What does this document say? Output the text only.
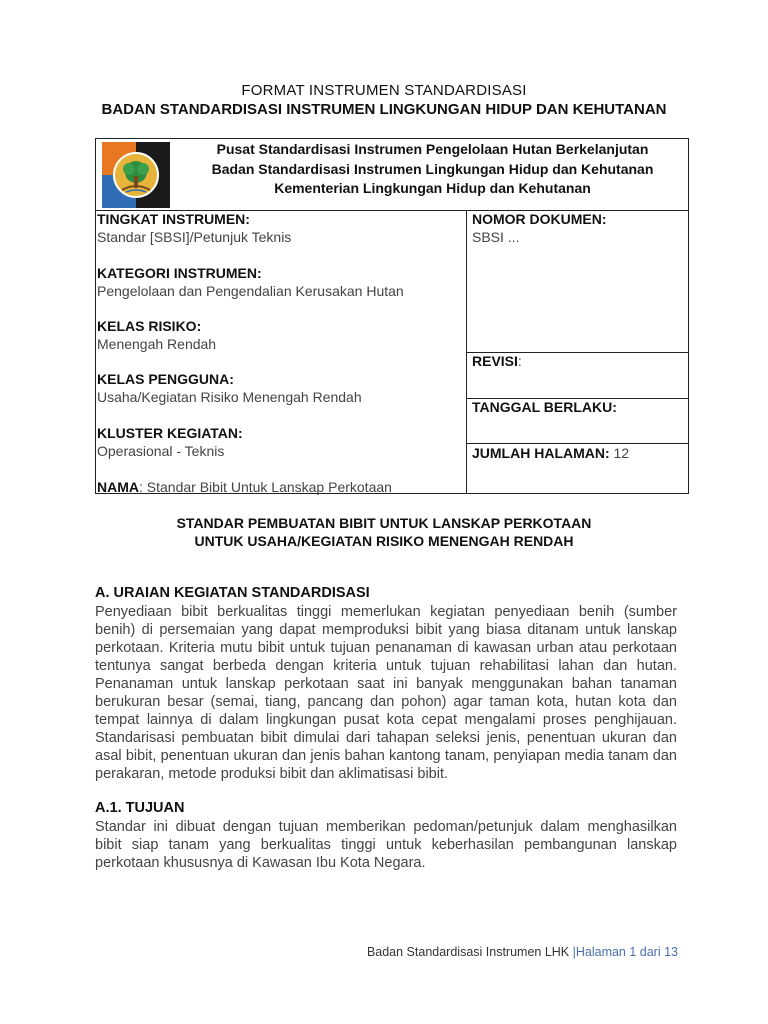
FORMAT INSTRUMEN STANDARDISASI
BADAN STANDARDISASI INSTRUMEN LINGKUNGAN HIDUP DAN KEHUTANAN
Pusat Standardisasi Instrumen Pengelolaan Hutan Berkelanjutan
Badan Standardisasi Instrumen Lingkungan Hidup dan Kehutanan
Kementerian Lingkungan Hidup dan Kehutanan
TINGKAT INSTRUMEN:
Standar [SBSI]/Petunjuk Teknis
KATEGORI INSTRUMEN:
Pengelolaan dan Pengendalian Kerusakan Hutan
KELAS RISIKO:
Menengah Rendah
KELAS PENGGUNA:
Usaha/Kegiatan Risiko Menengah Rendah
KLUSTER KEGIATAN:
Operasional - Teknis
NAMA: Standar Bibit Untuk Lanskap Perkotaan
NOMOR DOKUMEN:
SBSI ...
REVISI:
TANGGAL BERLAKU:
JUMLAH HALAMAN: 12
STANDAR PEMBUATAN BIBIT UNTUK LANSKAP PERKOTAAN
UNTUK USAHA/KEGIATAN RISIKO MENENGAH RENDAH
A. URAIAN KEGIATAN STANDARDISASI
Penyediaan bibit berkualitas tinggi memerlukan kegiatan penyediaan benih (sumber benih) di persemaian yang dapat memproduksi bibit yang biasa ditanam untuk lanskap perkotaan. Kriteria mutu bibit untuk tujuan penanaman di kawasan urban atau perkotaan tentunya sangat berbeda dengan kriteria untuk tujuan rehabilitasi lahan dan hutan. Penanaman untuk lanskap perkotaan saat ini banyak menggunakan bahan tanaman berukuran besar (semai, tiang, pancang dan pohon) agar taman kota, hutan kota dan tempat lainnya di dalam lingkungan pusat kota cepat mengalami proses penghijauan. Standarisasi pembuatan bibit dimulai dari tahapan seleksi jenis, penentuan ukuran dan asal bibit, penentuan ukuran dan jenis bahan kantong tanam, penyiapan media tanam dan perakaran, metode produksi bibit dan aklimatisasi bibit.
A.1. TUJUAN
Standar ini dibuat dengan tujuan memberikan pedoman/petunjuk dalam menghasilkan bibit siap tanam yang berkualitas tinggi untuk keberhasilan pembangunan lanskap perkotaan khususnya di Kawasan Ibu Kota Negara.
Badan Standardisasi Instrumen LHK |Halaman 1 dari 13
